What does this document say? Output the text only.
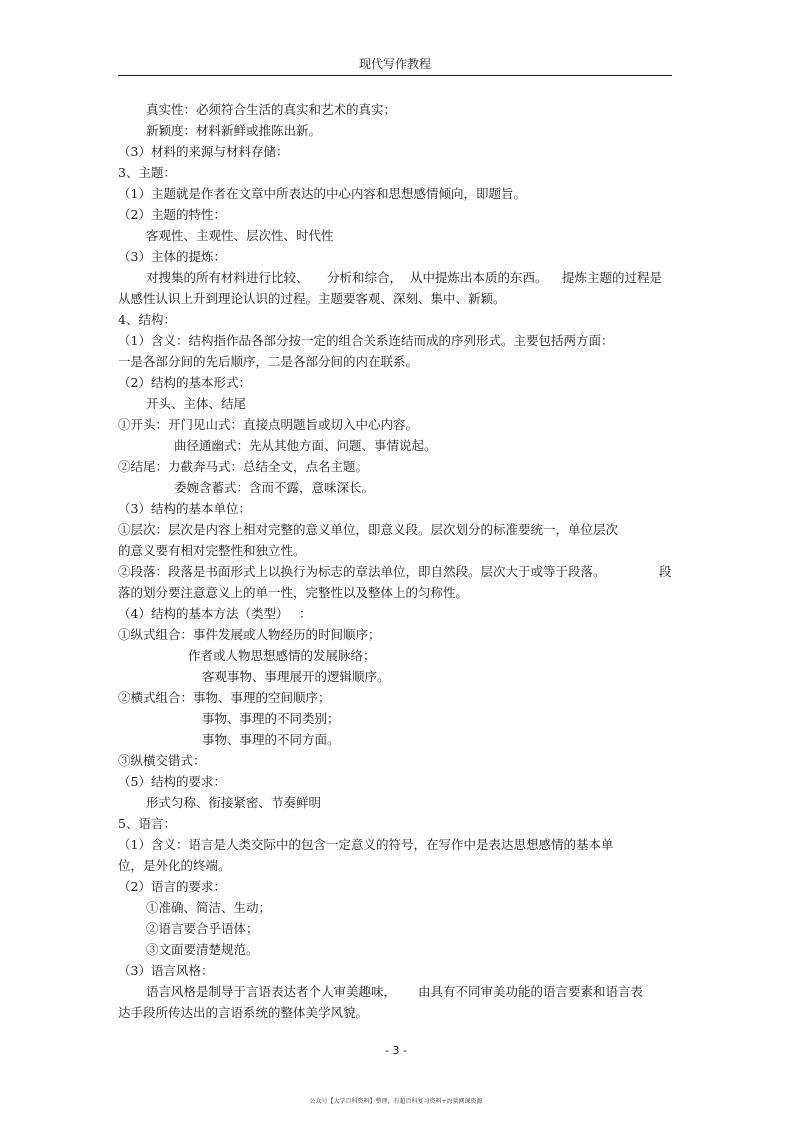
现代写作教程
真实性：必须符合生活的真实和艺术的真实；
新颖度：材料新鲜或推陈出新。
（3）材料的来源与材料存储：
3、主题：
（1）主题就是作者在文章中所表达的中心内容和思想感情倾向，即题旨。
（2）主题的特性：
客观性、主观性、层次性、时代性
（3）主体的提炼：
对搜集的所有材料进行比较、 分析和综合， 从中提炼出本质的东西。 提炼主题的过程是
从感性认识上升到理论认识的过程。主题要客观、深刻、集中、新颖。
4、结构：
（1）含义：结构指作品各部分按一定的组合关系连结而成的序列形式。主要包括两方面：
一是各部分间的先后顺序，二是各部分间的内在联系。
（2）结构的基本形式：
开头、主体、结尾
①开头：开门见山式：直接点明题旨或切入中心内容。
曲径通幽式：先从其他方面、问题、事情说起。
②结尾：力截奔马式：总结全文，点名主题。
委婉含蓄式：含而不露，意味深长。
（3）结构的基本单位：
①层次：层次是内容上相对完整的意义单位，即意义段。层次划分的标准要统一，单位层次
的意义要有相对完整性和独立性。
②段落：段落是书面形式上以换行为标志的章法单位，即自然段。层次大于或等于段落。	段
落的划分要注意意义上的单一性，完整性以及整体上的匀称性。
（4）结构的基本方法（类型） ：
①纵式组合：事件发展或人物经历的时间顺序；
作者或人物思想感情的发展脉络；
客观事物、事理展开的逻辑顺序。
②横式组合：事物、事理的空间顺序；
事物、事理的不同类别；
事物、事理的不同方面。
③纵横交错式：
（5）结构的要求：
形式匀称、衔接紧密、节奏鲜明
5、语言：
（1）含义：语言是人类交际中的包含一定意义的符号，在写作中是表达思想感情的基本单
位，是外化的终端。
（2）语言的要求：
①准确、简洁、生动；
②语言要合乎语体；
③文面要清楚规范。
（3）语言风格：
语言风格是制导于言语表达者个人审美趣味， 由具有不同审美功能的语言要素和语言表
达手段所传达出的言语系统的整体美学风貌。
- 3 -
公众号【大学百科资料】整理，有超百科复习资料+海量网课资源
